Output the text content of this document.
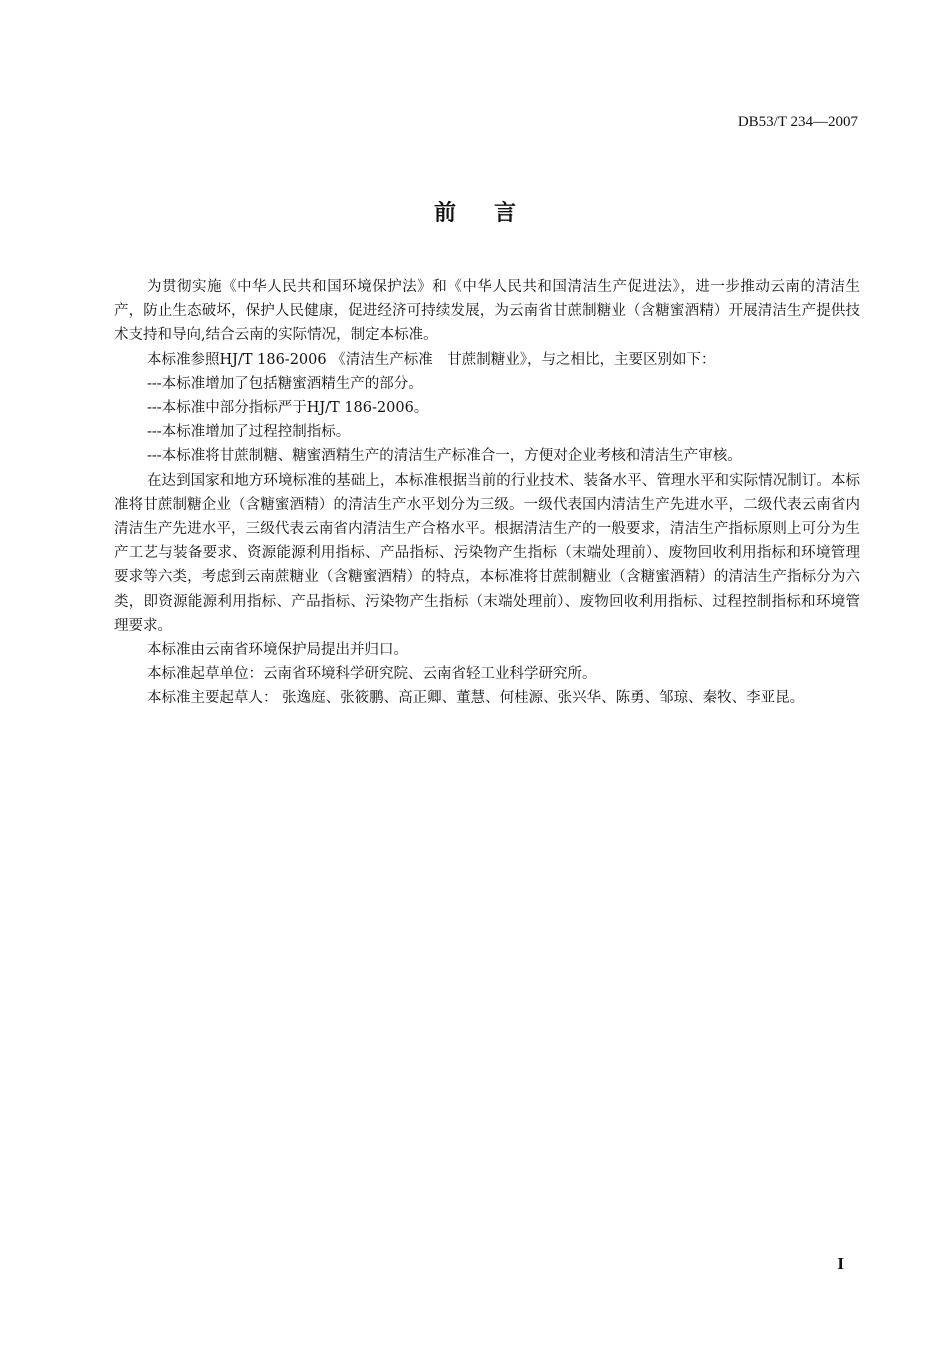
DB53/T 234—2007
前言

为贯彻实施《中华人民共和国环境保护法》和《中华人民共和国清洁生产促进法》，进一步推动云南的清洁生产，防止生态破坏，保护人民健康，促进经济可持续发展，为云南省甘蔗制糖业（含糖蜜酒精）开展清洁生产提供技术支持和导向,结合云南的实际情况，制定本标准。

本标准参照HJ/T 186-2006 《清洁生产标准　甘蔗制糖业》，与之相比，主要区别如下：

---本标准增加了包括糖蜜酒精生产的部分。

---本标准中部分指标严于HJ/T 186-2006。

---本标准增加了过程控制指标。

---本标准将甘蔗制糖、糖蜜酒精生产的清洁生产标准合一，方便对企业考核和清洁生产审核。

在达到国家和地方环境标准的基础上，本标准根据当前的行业技术、装备水平、管理水平和实际情况制订。本标准将甘蔗制糖企业（含糖蜜酒精）的清洁生产水平划分为三级。一级代表国内清洁生产先进水平，二级代表云南省内清洁生产先进水平，三级代表云南省内清洁生产合格水平。根据清洁生产的一般要求，清洁生产指标原则上可分为生产工艺与装备要求、资源能源利用指标、产品指标、污染物产生指标（末端处理前）、废物回收利用指标和环境管理要求等六类，考虑到云南蔗糖业（含糖蜜酒精）的特点，本标准将甘蔗制糖业（含糖蜜酒精）的清洁生产指标分为六类，即资源能源利用指标、产品指标、污染物产生指标（末端处理前）、废物回收利用指标、过程控制指标和环境管理要求。

本标准由云南省环境保护局提出并归口。

本标准起草单位：云南省环境科学研究院、云南省轻工业科学研究所。

本标准主要起草人： 张逸庭、张筱鹏、高正卿、董慧、何桂源、张兴华、陈勇、邹琼、秦牧、李亚昆。

I
